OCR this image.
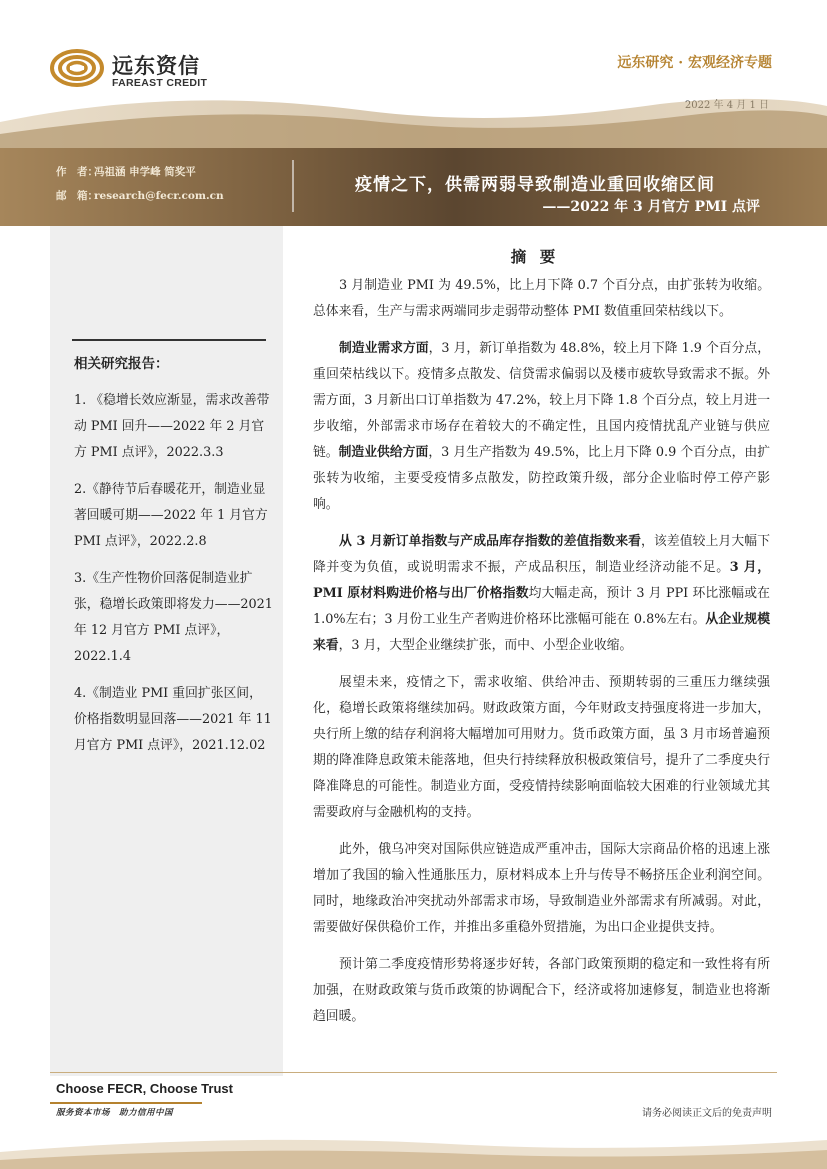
远东资信
FAREAST CREDIT
远东研究 · 宏观经济专题
作　者：冯祖涵 申学峰 简奖平
邮　箱：research@fecr.com.cn
疫情之下，供需两弱导致制造业重回收缩区间
——2022 年 3 月官方 PMI 点评
相关研究报告：
1. 《稳增长效应渐显，需求改善带动 PMI 回升——2022 年 2 月官方 PMI 点评》，2022.3.3
2.《静待节后春暖花开，制造业显著回暖可期——2022 年 1 月官方 PMI 点评》，2022.2.8
3.《生产性物价回落促制造业扩张，稳增长政策即将发力——2021 年 12 月官方 PMI 点评》，2022.1.4
4.《制造业 PMI 重回扩张区间，价格指数明显回落——2021 年 11 月官方 PMI 点评》，2021.12.02
摘 要

3 月制造业 PMI 为 49.5%，比上月下降 0.7 个百分点，由扩张转为收缩。总体来看，生产与需求两端同步走弱带动整体 PMI 数值重回荣枯线以下。

制造业需求方面，3 月，新订单指数为 48.8%，较上月下降 1.9 个百分点，重回荣枯线以下。疫情多点散发、信贷需求偏弱以及楼市疲软导致需求不振。外需方面，3 月新出口订单指数为 47.2%，较上月下降 1.8 个百分点，较上月进一步收缩，外部需求市场存在着较大的不确定性，且国内疫情扰乱产业链与供应链。制造业供给方面，3 月生产指数为 49.5%，比上月下降 0.9 个百分点，由扩张转为收缩，主要受疫情多点散发，防控政策升级，部分企业临时停工停产影响。

从 3 月新订单指数与产成品库存指数的差值指数来看，该差值较上月大幅下降并变为负值，或说明需求不振，产成品积压，制造业经济动能不足。3 月，PMI 原材料购进价格与出厂价格指数均大幅走高，预计 3 月 PPI 环比涨幅或在 1.0%左右；3 月份工业生产者购进价格环比涨幅可能在 0.8%左右。从企业规模来看，3 月，大型企业继续扩张，而中、小型企业收缩。

展望未来，疫情之下，需求收缩、供给冲击、预期转弱的三重压力继续强化，稳增长政策将继续加码。财政政策方面，今年财政支持强度将进一步加大，央行所上缴的结存利润将大幅增加可用财力。货币政策方面，虽 3 月市场普遍预期的降准降息政策未能落地，但央行持续释放积极政策信号，提升了二季度央行降准降息的可能性。制造业方面，受疫情持续影响面临较大困难的行业领域尤其需要政府与金融机构的支持。

此外，俄乌冲突对国际供应链造成严重冲击，国际大宗商品价格的迅速上涨增加了我国的输入性通胀压力，原材料成本上升与传导不畅挤压企业利润空间。同时，地缘政治冲突扰动外部需求市场，导致制造业外部需求有所减弱。对此，需要做好保供稳价工作，并推出多重稳外贸措施，为出口企业提供支持。

预计第二季度疫情形势将逐步好转，各部门政策预期的稳定和一致性将有所加强，在财政政策与货币政策的协调配合下，经济或将加速修复，制造业也将渐趋回暖。

Choose FECR, Choose Trust
服务资本市场　助力信用中国	请务必阅读正文后的免责声明
